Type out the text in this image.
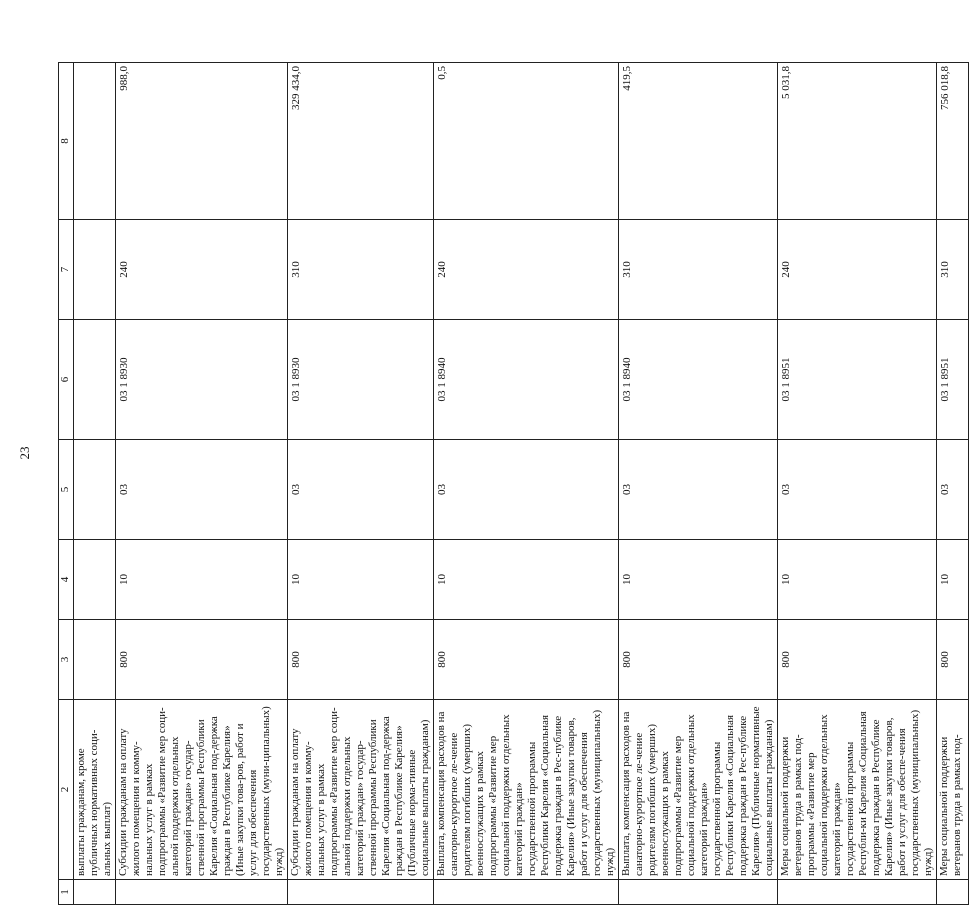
23
1	2	3	4	5	6	7	8
	выплаты гражданам, кроме публичных нормативных соци-альных выплат)						
	Субсидии гражданам на оплату жилого помещения и комму-нальных услуг в рамках подпрограммы «Развитие мер соци-альной поддержки отдельных категорий граждан» государ-ственной программы Республики Карелия «Социальная под-держка граждан в Республике Карелия» (Иные закупки това-ров, работ и услуг для обеспечения государственных (муни-ципальных) нужд)	800	10	03	03 1 8930	240	988,0
	Субсидии гражданам на оплату жилого помещения и комму-нальных услуг в рамках подпрограммы «Развитие мер соци-альной поддержки отдельных категорий граждан» государ-ственной программы Республики Карелия «Социальная под-держка граждан в Республике Карелия» (Публичные норма-тивные социальные выплаты гражданам)	800	10	03	03 1 8930	310	329 434,0
	Выплата, компенсация расходов на санаторно-курортное ле-чение родителям погибших (умерших) военнослужащих в рамках подпрограммы «Развитие мер социальной поддержки отдельных категорий граждан» государственной программы Республики Карелия «Социальная поддержка граждан в Рес-публике Карелия» (Иные закупки товаров, работ и услуг для обеспечения государственных (муниципальных) нужд)	800	10	03	03 1 8940	240	0,5
	Выплата, компенсация расходов на санаторно-курортное ле-чение родителям погибших (умерших) военнослужащих в рамках подпрограммы «Развитие мер социальной поддержки отдельных категорий граждан» государственной программы Республики Карелия «Социальная поддержка граждан в Рес-публике Карелия» (Публичные нормативные социальные выплаты гражданам)	800	10	03	03 1 8940	310	419,5
	Меры социальной поддержки ветеранов труда в рамках под-программы «Развитие мер социальной поддержки отдельных категорий граждан» государственной программы Республи-ки Карелия «Социальная поддержка граждан в Республике Карелия» (Иные закупки товаров, работ и услуг для обеспе-чения государственных (муниципальных) нужд)	800	10	03	03 1 8951	240	5 031,8
	Меры социальной поддержки ветеранов труда в рамках под-	800	10	03	03 1 8951	310	756 018,8
